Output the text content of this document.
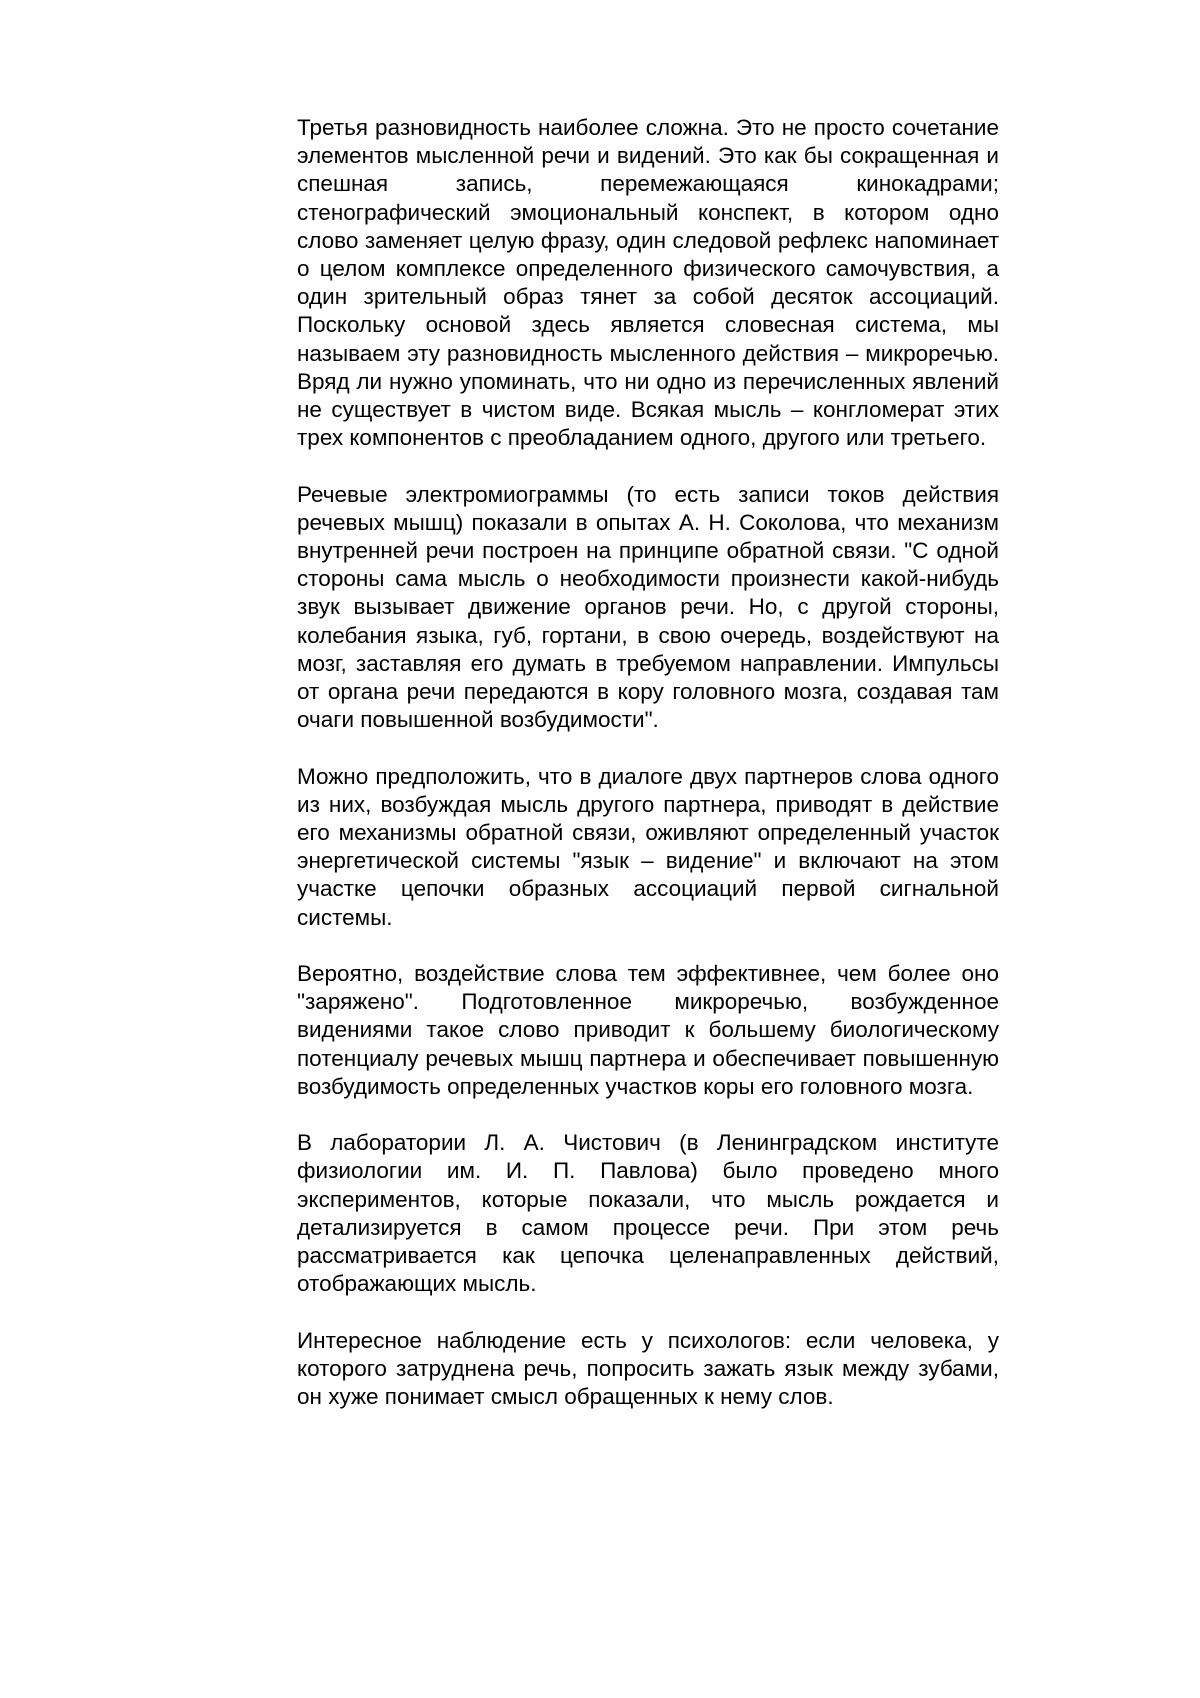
Третья разновидность наиболее сложна. Это не просто сочетание элементов мысленной речи и видений. Это как бы сокращенная и спешная запись, перемежающаяся кинокадрами; стенографический эмоциональный конспект, в котором одно слово заменяет целую фразу, один следовой рефлекс напоминает о целом комплексе определенного физического самочувствия, а один зрительный образ тянет за собой десяток ассоциаций. Поскольку основой здесь является словесная система, мы называем эту разновидность мысленного действия – микроречью. Вряд ли нужно упоминать, что ни одно из перечисленных явлений не существует в чистом виде. Всякая мысль – конгломерат этих трех компонентов с преобладанием одного, другого или третьего.

Речевые электромиограммы (то есть записи токов действия речевых мышц) показали в опытах А. Н. Соколова, что механизм внутренней речи построен на принципе обратной связи. "С одной стороны сама мысль о необходимости произнести какой-нибудь звук вызывает движение органов речи. Но, с другой стороны, колебания языка, губ, гортани, в свою очередь, воздействуют на мозг, заставляя его думать в требуемом направлении. Импульсы от органа речи передаются в кору головного мозга, создавая там очаги повышенной возбудимости".

Можно предположить, что в диалоге двух партнеров слова одного из них, возбуждая мысль другого партнера, приводят в действие его механизмы обратной связи, оживляют определенный участок энергетической системы "язык – видение" и включают на этом участке цепочки образных ассоциаций первой сигнальной системы.

Вероятно, воздействие слова тем эффективнее, чем более оно "заряжено". Подготовленное микроречью, возбужденное видениями такое слово приводит к большему биологическому потенциалу речевых мышц партнера и обеспечивает повышенную возбудимость определенных участков коры его головного мозга.

В лаборатории Л. А. Чистович (в Ленинградском институте физиологии им. И. П. Павлова) было проведено много экспериментов, которые показали, что мысль рождается и детализируется в самом процессе речи. При этом речь рассматривается как цепочка целенаправленных действий, отображающих мысль.

Интересное наблюдение есть у психологов: если человека, у которого затруднена речь, попросить зажать язык между зубами, он хуже понимает смысл обращенных к нему слов.
